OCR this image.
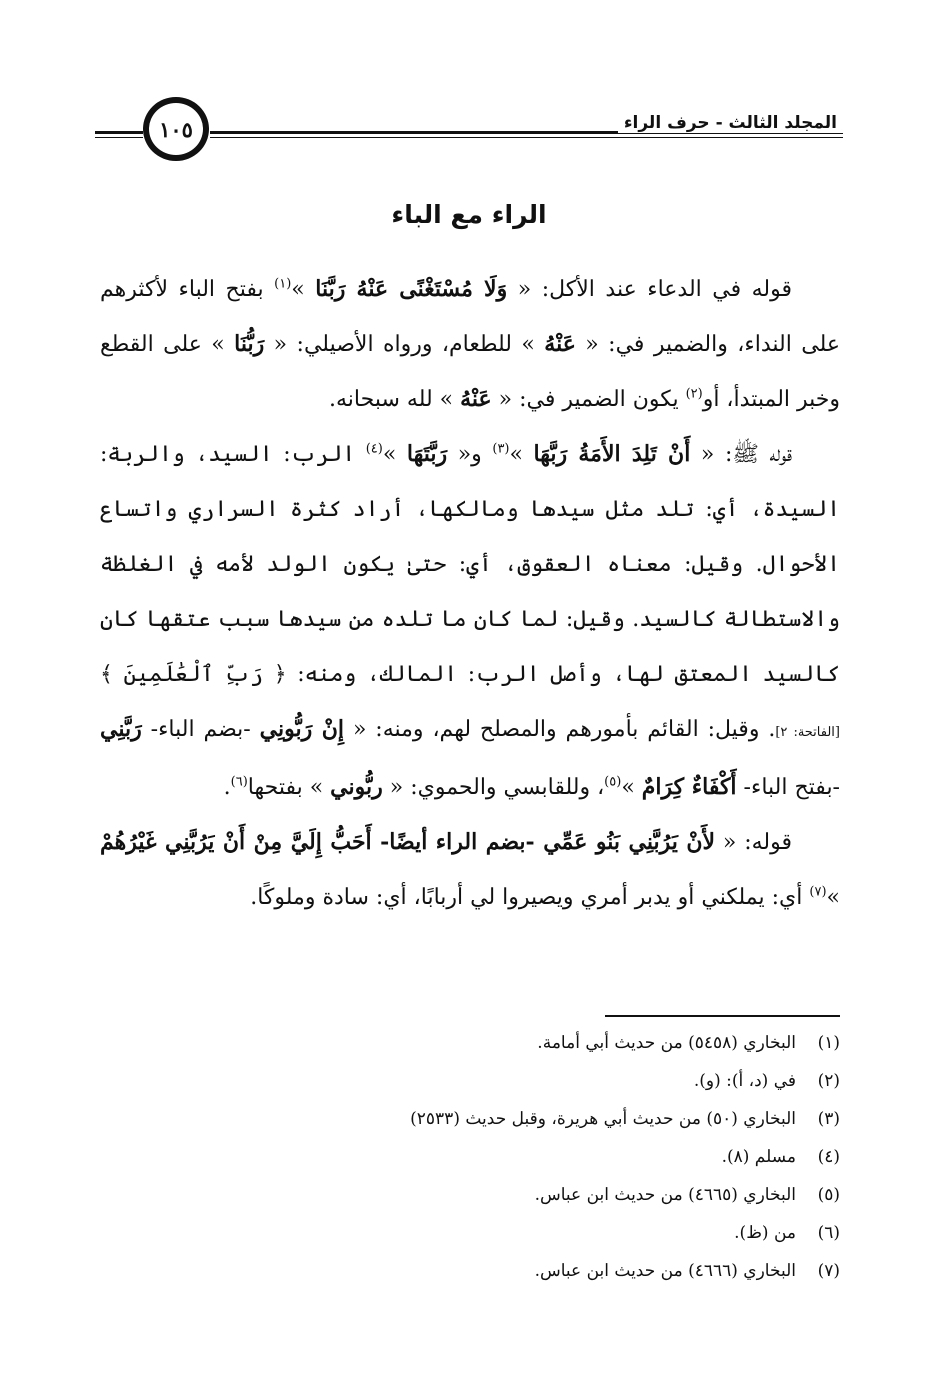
المجلد الثالث - حرف الراء
١٠٥
الراء مع الباء

قوله في الدعاء عند الأكل: « وَلَا مُسْتَغْنًى عَنْهُ رَبَّنَا »$^{(١)}$ بفتح الباء لأكثرهم على النداء، والضمير في: « عَنْهُ » للطعام، ورواه الأصيلي: « رَبُّنَا » على القطع وخبر المبتدأ، أو$^{(٢)}$ يكون الضمير في: « عَنْهُ » لله سبحانه.

قوله ﷺ: « أَنْ تَلِدَ الأَمَةُ رَبَّهَا »$^{(٣)}$ و« رَبَّتَهَا »$^{(٤)}$ الرب: السيد، والربة: السيدة، أي: تلد مثل سيدها ومالكها، أراد كثرة السراري واتساع الأحوال. وقيل: معناه العقوق، أي: حتىٰ يكون الولد لأمه في الغلظة والاستطالة كالسيد. وقيل: لما كان ما تلده من سيدها سبب عتقها كان كالسيد المعتق لها، وأصل الرب: المالك، ومنه: ﴿ رَبِّ ٱلْعَٰلَمِينَ ﴾ [الفاتحة: ٢]. وقيل: القائم بأمورهم والمصلح لهم، ومنه: « إِنْ رَبُّونِي -بضم الباء- رَبَّنِي -بفتح الباء- أَكْفَاءٌ كِرَامٌ »$^{(٥)}$، وللقابسي والحموي: « ربُّوني » بفتحها$^{(٦)}$.

قوله: « لأَنْ يَرُبَّنِي بَنُو عَمِّي -بضم الراء أيضًا- أَحَبُّ إِلَيَّ مِنْ أَنْ يَرُبَّنِي غَيْرُهُمْ »$^{(٧)}$ أي: يملكني أو يدبر أمري ويصيروا لي أربابًا، أي: سادة وملوكًا.

(١)
البخاري (٥٤٥٨) من حديث أبي أمامة.
(٢)
في (د، أ): (و).
(٣)
البخاري (٥٠) من حديث أبي هريرة، وقبل حديث (٢٥٣٣)
(٤)
مسلم (٨).
(٥)
البخاري (٤٦٦٥) من حديث ابن عباس.
(٦)
من (ظ).
(٧)
البخاري (٤٦٦٦) من حديث ابن عباس.
